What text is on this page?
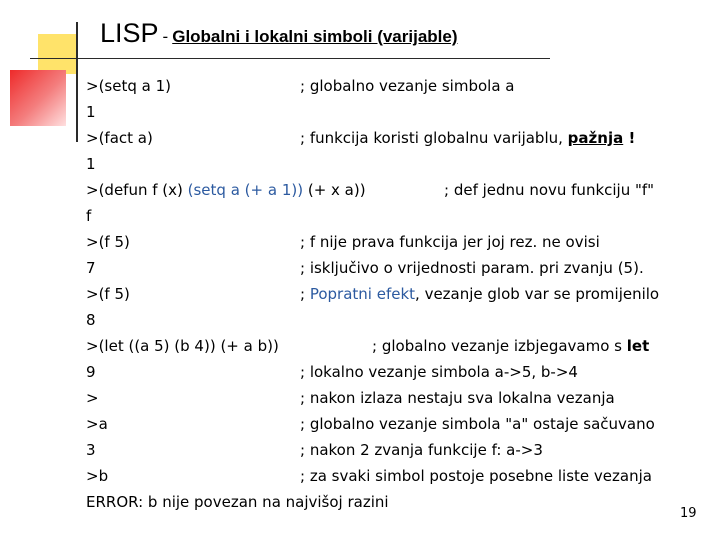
LISP - Globalni i lokalni simboli (varijable)
>(setq a 1)	; globalno vezanje simbola a
1
>(fact a)	; funkcija koristi globalnu varijablu, pažnja !
1
>(defun f (x) (setq a (+ a 1)) (+ x a))	; def jednu novu funkciju "f"
f
>(f 5)	; f nije prava funkcija jer joj rez. ne ovisi
7	; isključivo o vrijednosti param. pri zvanju (5).
>(f 5)	; Popratni efekt, vezanje glob var se promijenilo
8
>(let ((a 5) (b 4)) (+ a b))	; globalno vezanje izbjegavamo s let
9	; lokalno vezanje simbola a->5, b->4
>	; nakon izlaza nestaju sva lokalna vezanja
>a	; globalno vezanje simbola "a" ostaje sačuvano
3	; nakon 2 zvanja funkcije f: a->3
>b	; za svaki simbol postoje posebne liste vezanja
ERROR: b nije povezan na najvišoj razini
19
